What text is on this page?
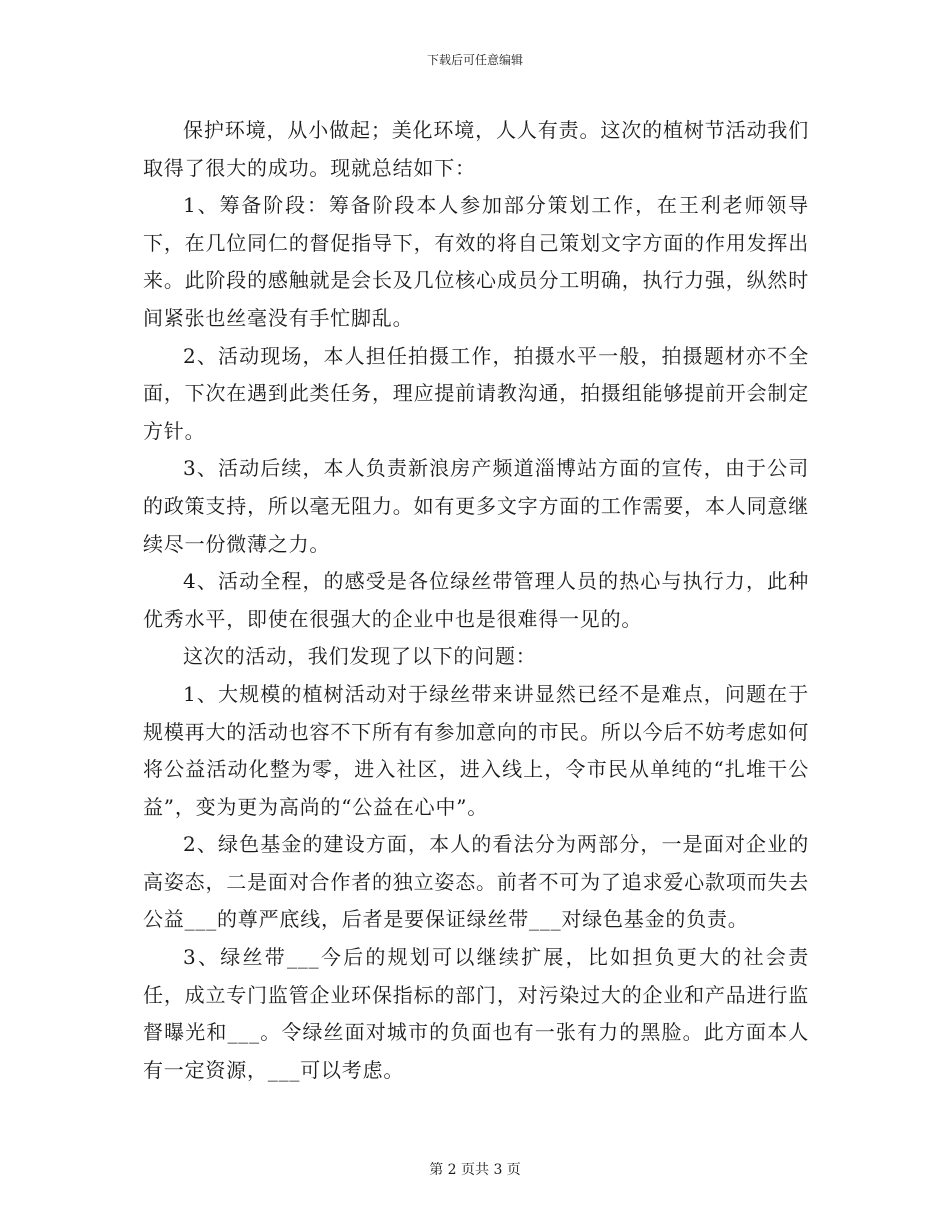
下载后可任意编辑

保护环境，从小做起；美化环境，人人有责。这次的植树节活动我们取得了很大的成功。现就总结如下：

1、筹备阶段：筹备阶段本人参加部分策划工作，在王利老师领导下，在几位同仁的督促指导下，有效的将自己策划文字方面的作用发挥出来。此阶段的感触就是会长及几位核心成员分工明确，执行力强，纵然时间紧张也丝毫没有手忙脚乱。

2、活动现场，本人担任拍摄工作，拍摄水平一般，拍摄题材亦不全面，下次在遇到此类任务，理应提前请教沟通，拍摄组能够提前开会制定方针。

3、活动后续，本人负责新浪房产频道淄博站方面的宣传，由于公司的政策支持，所以毫无阻力。如有更多文字方面的工作需要，本人同意继续尽一份微薄之力。

4、活动全程，的感受是各位绿丝带管理人员的热心与执行力，此种优秀水平，即使在很强大的企业中也是很难得一见的。

这次的活动，我们发现了以下的问题：

1、大规模的植树活动对于绿丝带来讲显然已经不是难点，问题在于规模再大的活动也容不下所有有参加意向的市民。所以今后不妨考虑如何将公益活动化整为零，进入社区，进入线上，令市民从单纯的“扎堆干公益”，变为更为高尚的“公益在心中”。

2、绿色基金的建设方面，本人的看法分为两部分，一是面对企业的高姿态，二是面对合作者的独立姿态。前者不可为了追求爱心款项而失去公益___的尊严底线，后者是要保证绿丝带___对绿色基金的负责。

3、绿丝带___今后的规划可以继续扩展，比如担负更大的社会责任，成立专门监管企业环保指标的部门，对污染过大的企业和产品进行监督曝光和___。令绿丝面对城市的负面也有一张有力的黑脸。此方面本人有一定资源，___可以考虑。

第 2 页共 3 页
